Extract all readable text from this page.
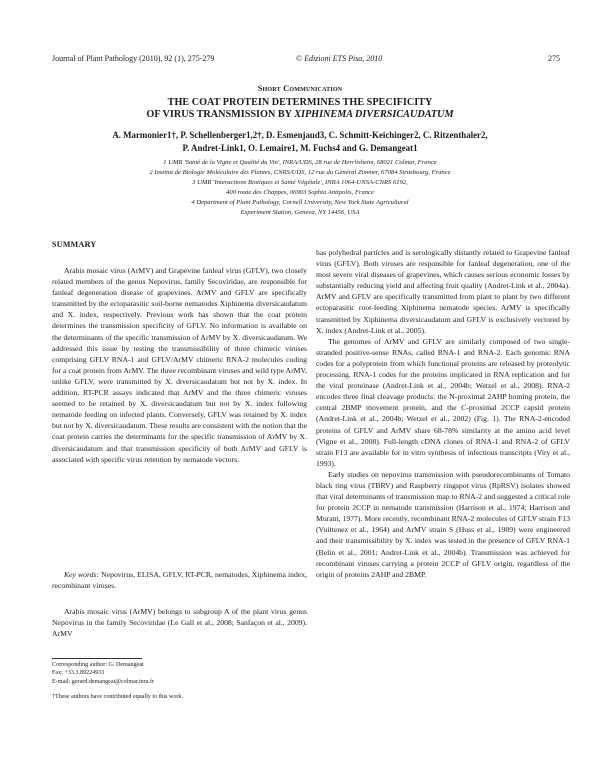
Journal of Plant Pathology (2010), 92 (1), 275-279	© Edizioni ETS Pisa, 2010	275
Short Communication
THE COAT PROTEIN DETERMINES THE SPECIFICITY
OF VIRUS TRANSMISSION BY XIPHINEMA DIVERSICAUDATUM
A. Marmonier1†, P. Schellenberger1,2†, D. Esmenjaud3, C. Schmitt-Keichinger2, C. Ritzenthaler2,
P. Andret-Link1, O. Lemaire1, M. Fuchs4 and G. Demangeat1
1 UMR 'Santé de la Vigne et Qualité du Vin', INRA/UDS, 28 rue de Herrlisheim, 68021 Colmar, France
2 Institut de Biologie Moléculaire des Plantes, CNRS/UDS, 12 rue du Général Zimmer, 67084 Strasbourg, France
3 UMR 'Interactions Biotiques et Santé Végétale', INRA 1064-UNSA-CNRS 6192,
400 route des Chappes, 06903 Sophia Antipolis, France
4 Department of Plant Pathology, Cornell University, New York State Agricultural
Experiment Station, Geneva, NY 14456, USA
SUMMARY

Arabis mosaic virus (ArMV) and Grapevine fanleaf virus (GFLV), two closely related members of the genus Nepovirus, family Secoviridae, are responsible for fanleaf degeneration disease of grapevines. ArMV and GFLV are specifically transmitted by the ectoparasitic soil-borne nematodes Xiphinema diversicaudatum and X. index, respectively. Previous work has shown that the coat protein determines the transmission specificity of GFLV. No information is available on the determinants of the specific transmission of ArMV by X. diversicaudatum. We addressed this issue by testing the transmissibility of three chimeric viruses comprising GFLV RNA-1 and GFLV/ArMV chimeric RNA-2 molecules coding for a coat protein from ArMV. The three recombinant viruses and wild type ArMV, unlike GFLV, were transmitted by X. diversicaudatum but not by X. index. In addition, RT-PCR assays indicated that ArMV and the three chimeric viruses seemed to be retained by X. diversicaudatum but not by X. index following nematode feeding on infected plants. Conversely, GFLV was retained by X. index but not by X. diversicaudatum. These results are consistent with the notion that the coat protein carries the determinants for the specific transmission of ArMV by X. diversicaudatum and that transmission specificity of both ArMV and GFLV is associated with specific virus retention by nematode vectors.

Key words: Nepovirus, ELISA, GFLV, RT-PCR, nematodes, Xiphinema index, recombinant viruses.

Arabis mosaic virus (ArMV) belongs to subgroup A of the plant virus genus Nepovirus in the family Secoviridae (Le Gall et al., 2008; Sanfaçon et al., 2009). ArMV

Corresponding author: G. Demangeat
Fax: +33.3.89224933
E-mail: gerard.demangeat@colmar.inra.fr
†These authors have contributed equally to this work.

has polyhedral particles and is serologically distantly related to Grapevine fanleaf virus (GFLV). Both viruses are responsible for fanleaf degeneration, one of the most severe viral diseases of grapevines, which causes serious economic losses by substantially reducing yield and affecting fruit quality (Andret-Link et al., 2004a). ArMV and GFLV are specifically transmitted from plant to plant by two different ectoparasitic root-feeding Xiphinema nematode species. ArMV is specifically transmitted by Xiphinema diversicaudatum and GFLV is exclusively vectored by X. index (Andret-Link et al., 2005).

The genomes of ArMV and GFLV are similarly composed of two single-stranded positive-sense RNAs, called RNA-1 and RNA-2. Each genomic RNA codes for a polyprotein from which functional proteins are released by proteolytic processing. RNA-1 codes for the proteins implicated in RNA replication and for the viral proteinase (Andret-Link et al., 2004b; Wetzel et al., 2008). RNA-2 encodes three final cleavage products: the N-proximal 2AHP homing protein, the central 2BMP movement protein, and the C-proximal 2CCP capsid protein (Andret-Link et al., 2004b; Wetzel et al., 2002) (Fig. 1). The RNA-2-encoded proteins of GFLV and ArMV share 68-78% similarity at the amino acid level (Vigne et al., 2008). Full-length cDNA clones of RNA-1 and RNA-2 of GFLV strain F13 are available for in vitro synthesis of infectious transcripts (Viry et al., 1993).

Early studies on nepovirus transmission with pseudorecombinants of Tomato black ring virus (TBRV) and Raspberry ringspot virus (RpRSV) isolates showed that viral determinants of transmission map to RNA-2 and suggested a critical role for protein 2CCP in nematode transmission (Harrison et al., 1974; Harrison and Murant, 1977). More recently, recombinant RNA-2 molecules of GFLV strain F13 (Vuittenez et al., 1964) and ArMV strain S (Huss et al., 1989) were engineered and their transmissibility by X. index was tested in the presence of GFLV RNA-1 (Belin et al., 2001; Andret-Link et al., 2004b). Transmission was achieved for recombinant viruses carrying a protein 2CCP of GFLV origin, regardless of the origin of proteins 2AHP and 2BMP.
